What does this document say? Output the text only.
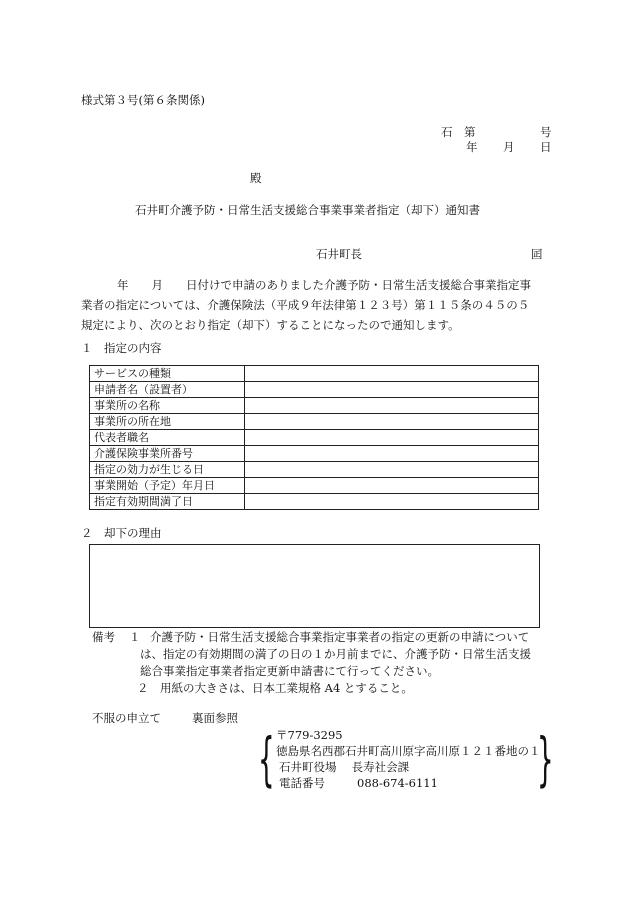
様式第３号(第６条関係)
石　第	号
年 月 日
殿
石井町介護予防・日常生活支援総合事業事業者指定（却下）通知書
石井町長	囸
年　　月　　日付けで申請のありました介護予防・日常生活支援総合事業指定事
業者の指定については、介護保険法（平成９年法律第１２３号）第１１５条の４５の５
規定により、次のとおり指定（却下）することになったので通知します。
１　指定の内容
サービスの種類	
申請者名（設置者）	
事業所の名称	
事業所の所在地	
代表者職名	
介護保険事業所番号	
指定の効力が生じる日	
事業開始（予定）年月日	
指定有効期間満了日	
２　却下の理由
備考 １ 介護予防・日常生活支援総合事業指定事業者の指定の更新の申請について
は、指定の有効期間の満了の日の１か月前までに、介護予防・日常生活支援
総合事業指定事業者指定更新申請書にて行ってください。
２ 用紙の大きさは、日本工業規格 A4 とすること。
不服の申立て	裏面参照
{	}
〒779-3295
徳島県名西郡石井町高川原字高川原１２１番地の１
石井町役場　 長寿社会課
電話番号	088-674-6111
